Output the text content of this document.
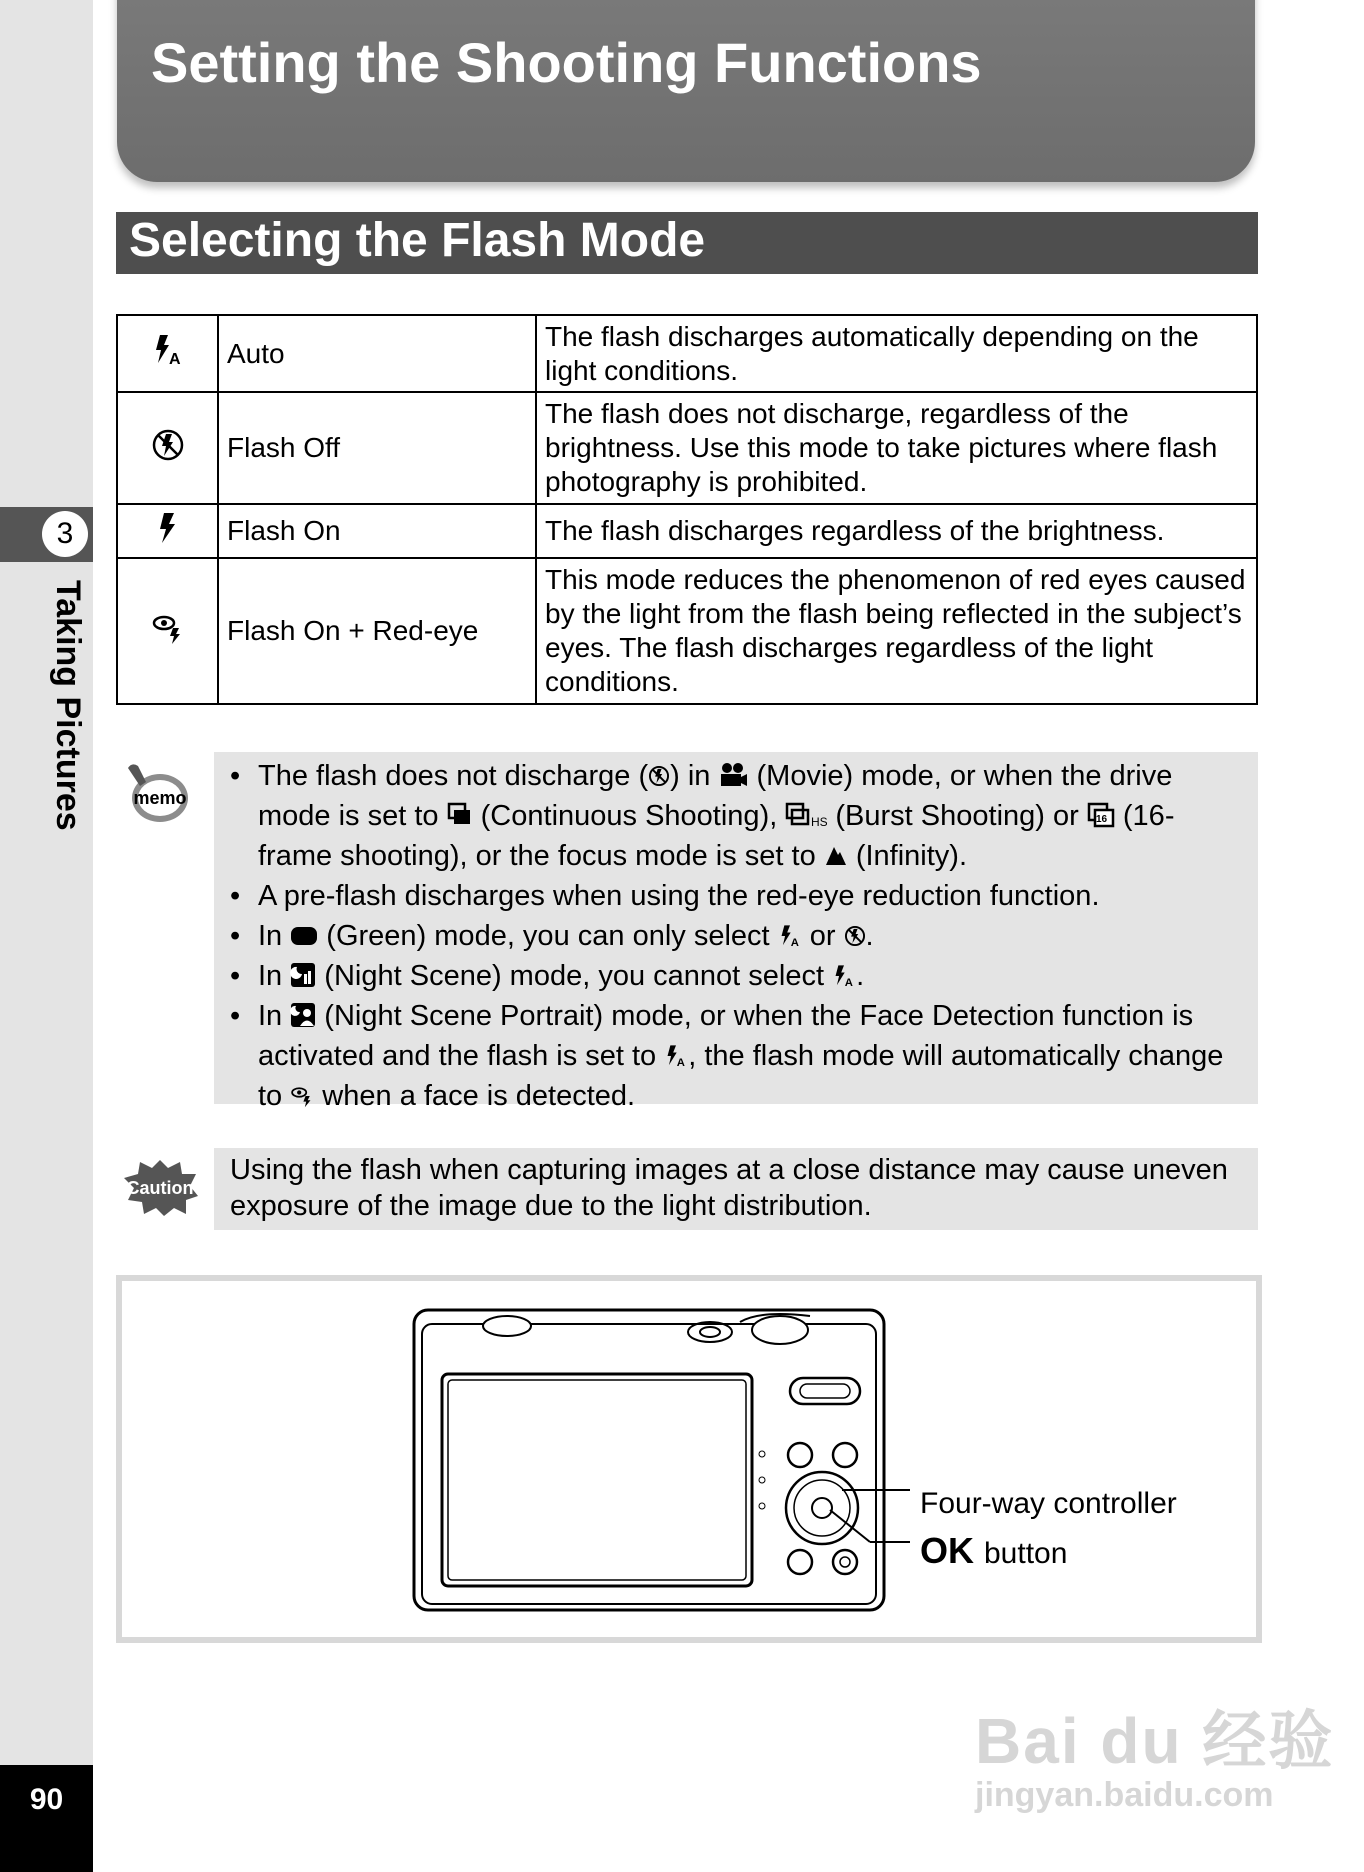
3
Taking Pictures
90
Setting the Shooting Functions
Selecting the Flash Mode
A	Auto	The flash discharges automatically depending on the light conditions.
	Flash Off	The flash does not discharge, regardless of the brightness. Use this mode to take pictures where flash photography is prohibited.
	Flash On	The flash discharges regardless of the brightness.
	Flash On + Red-eye	This mode reduces the phenomenon of red eyes caused by the light from the flash being reflected in the subject’s eyes. The flash discharges regardless of the light conditions.
memo
• The flash does not discharge ( ) in  (Movie) mode, or when the drive mode is set to  (Continuous Shooting), HS (Burst Shooting) or 16 (16-frame shooting), or the focus mode is set to  (Infinity).
• A pre-flash discharges when using the red-eye reduction function.
• In  (Green) mode, you can only select A or .
• In  (Night Scene) mode, you cannot select A .
• In  (Night Scene Portrait) mode, or when the Face Detection function is activated and the flash is set to A , the flash mode will automatically change to  when a face is detected.
Caution
Using the flash when capturing images at a close distance may cause uneven exposure of the image due to the light distribution.
Four-way controller
OK button
Bai du 经验
jingyan.baidu.com
